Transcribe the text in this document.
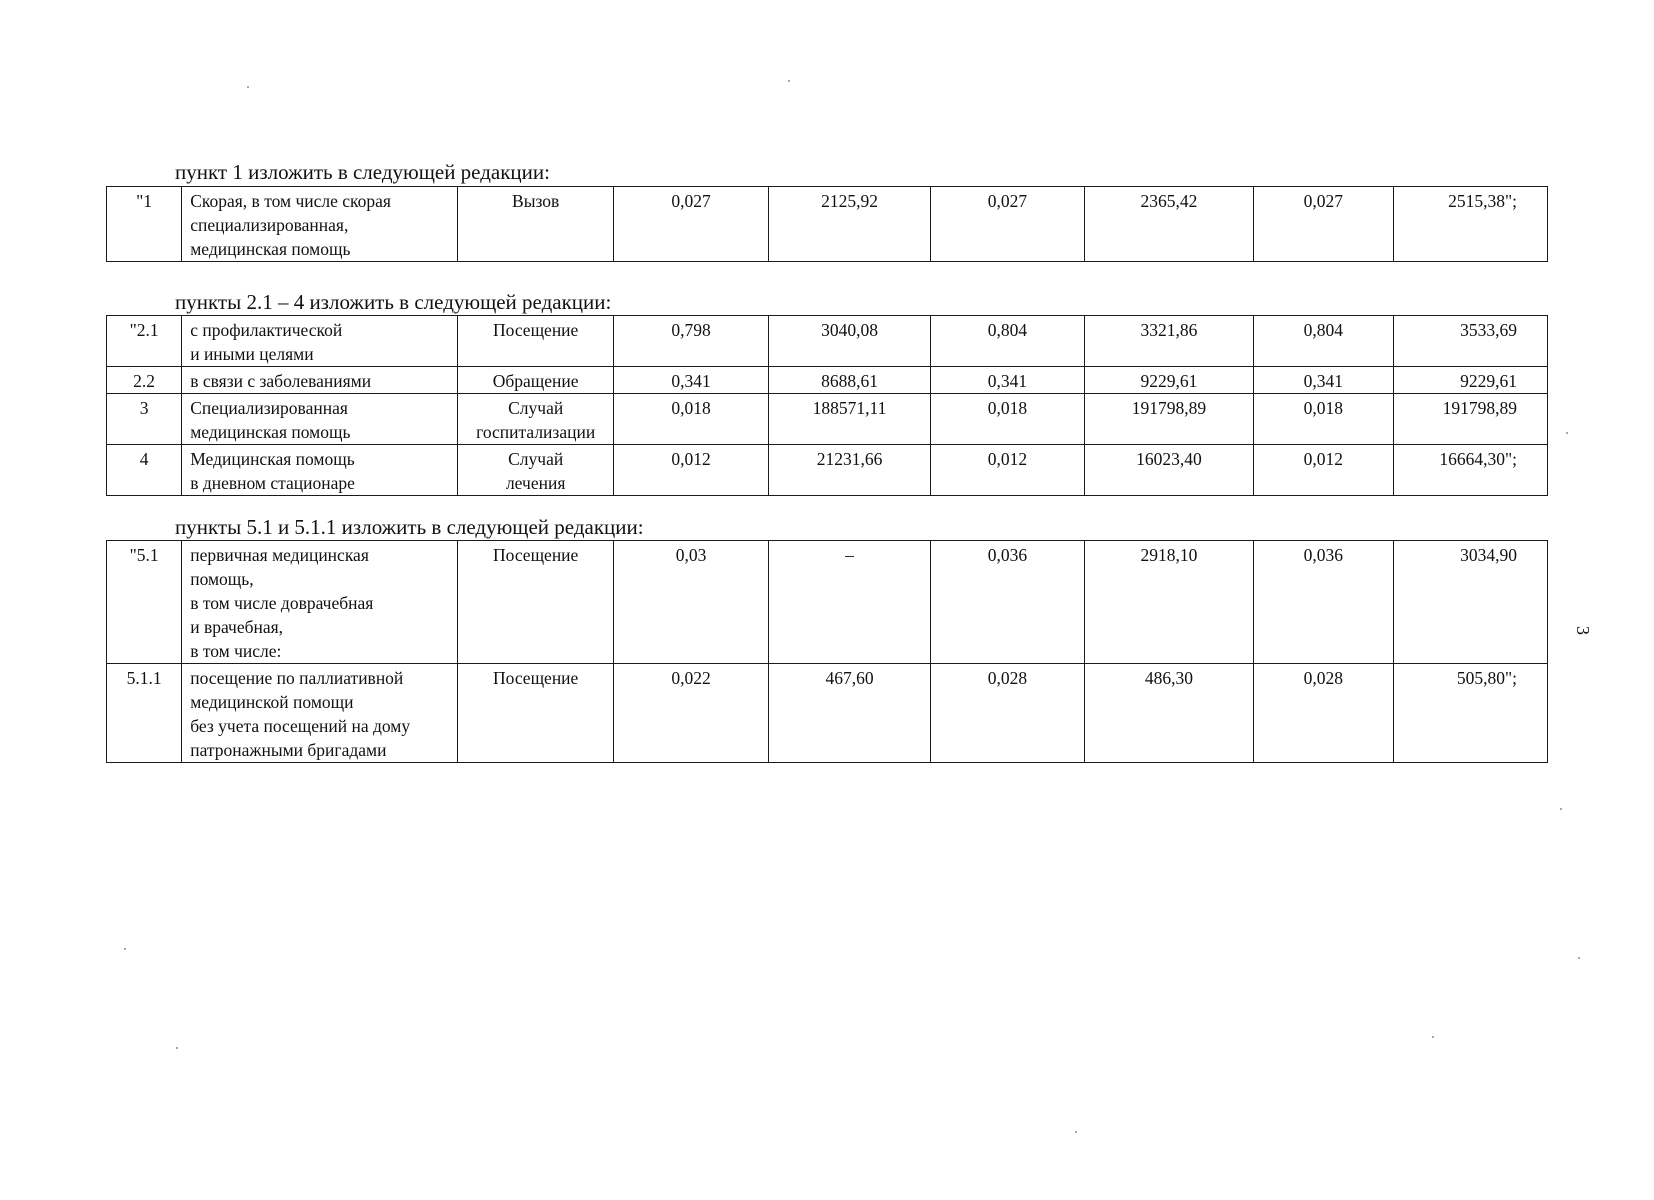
пункт 1 изложить в следующей редакции:
"1	Скорая, в том числе скорая
специализированная,
медицинская помощь	Вызов	0,027	2125,92	0,027	2365,42	0,027	2515,38";
пункты 2.1 – 4 изложить в следующей редакции:
"2.1	с профилактической
и иными целями	Посещение	0,798	3040,08	0,804	3321,86	0,804	3533,69
2.2	в связи с заболеваниями	Обращение	0,341	8688,61	0,341	9229,61	0,341	9229,61
3	Специализированная
медицинская помощь	Случай
госпитализации	0,018	188571,11	0,018	191798,89	0,018	191798,89
4	Медицинская помощь
в дневном стационаре	Случай
лечения	0,012	21231,66	0,012	16023,40	0,012	16664,30";
пункты 5.1 и 5.1.1 изложить в следующей редакции:
"5.1	первичная медицинская
помощь,
в том числе доврачебная
и врачебная,
в том числе:	Посещение	0,03	–	0,036	2918,10	0,036	3034,90
5.1.1	посещение по паллиативной
медицинской помощи
без учета посещений на дому
патронажными бригадами	Посещение	0,022	467,60	0,028	486,30	0,028	505,80";
3
